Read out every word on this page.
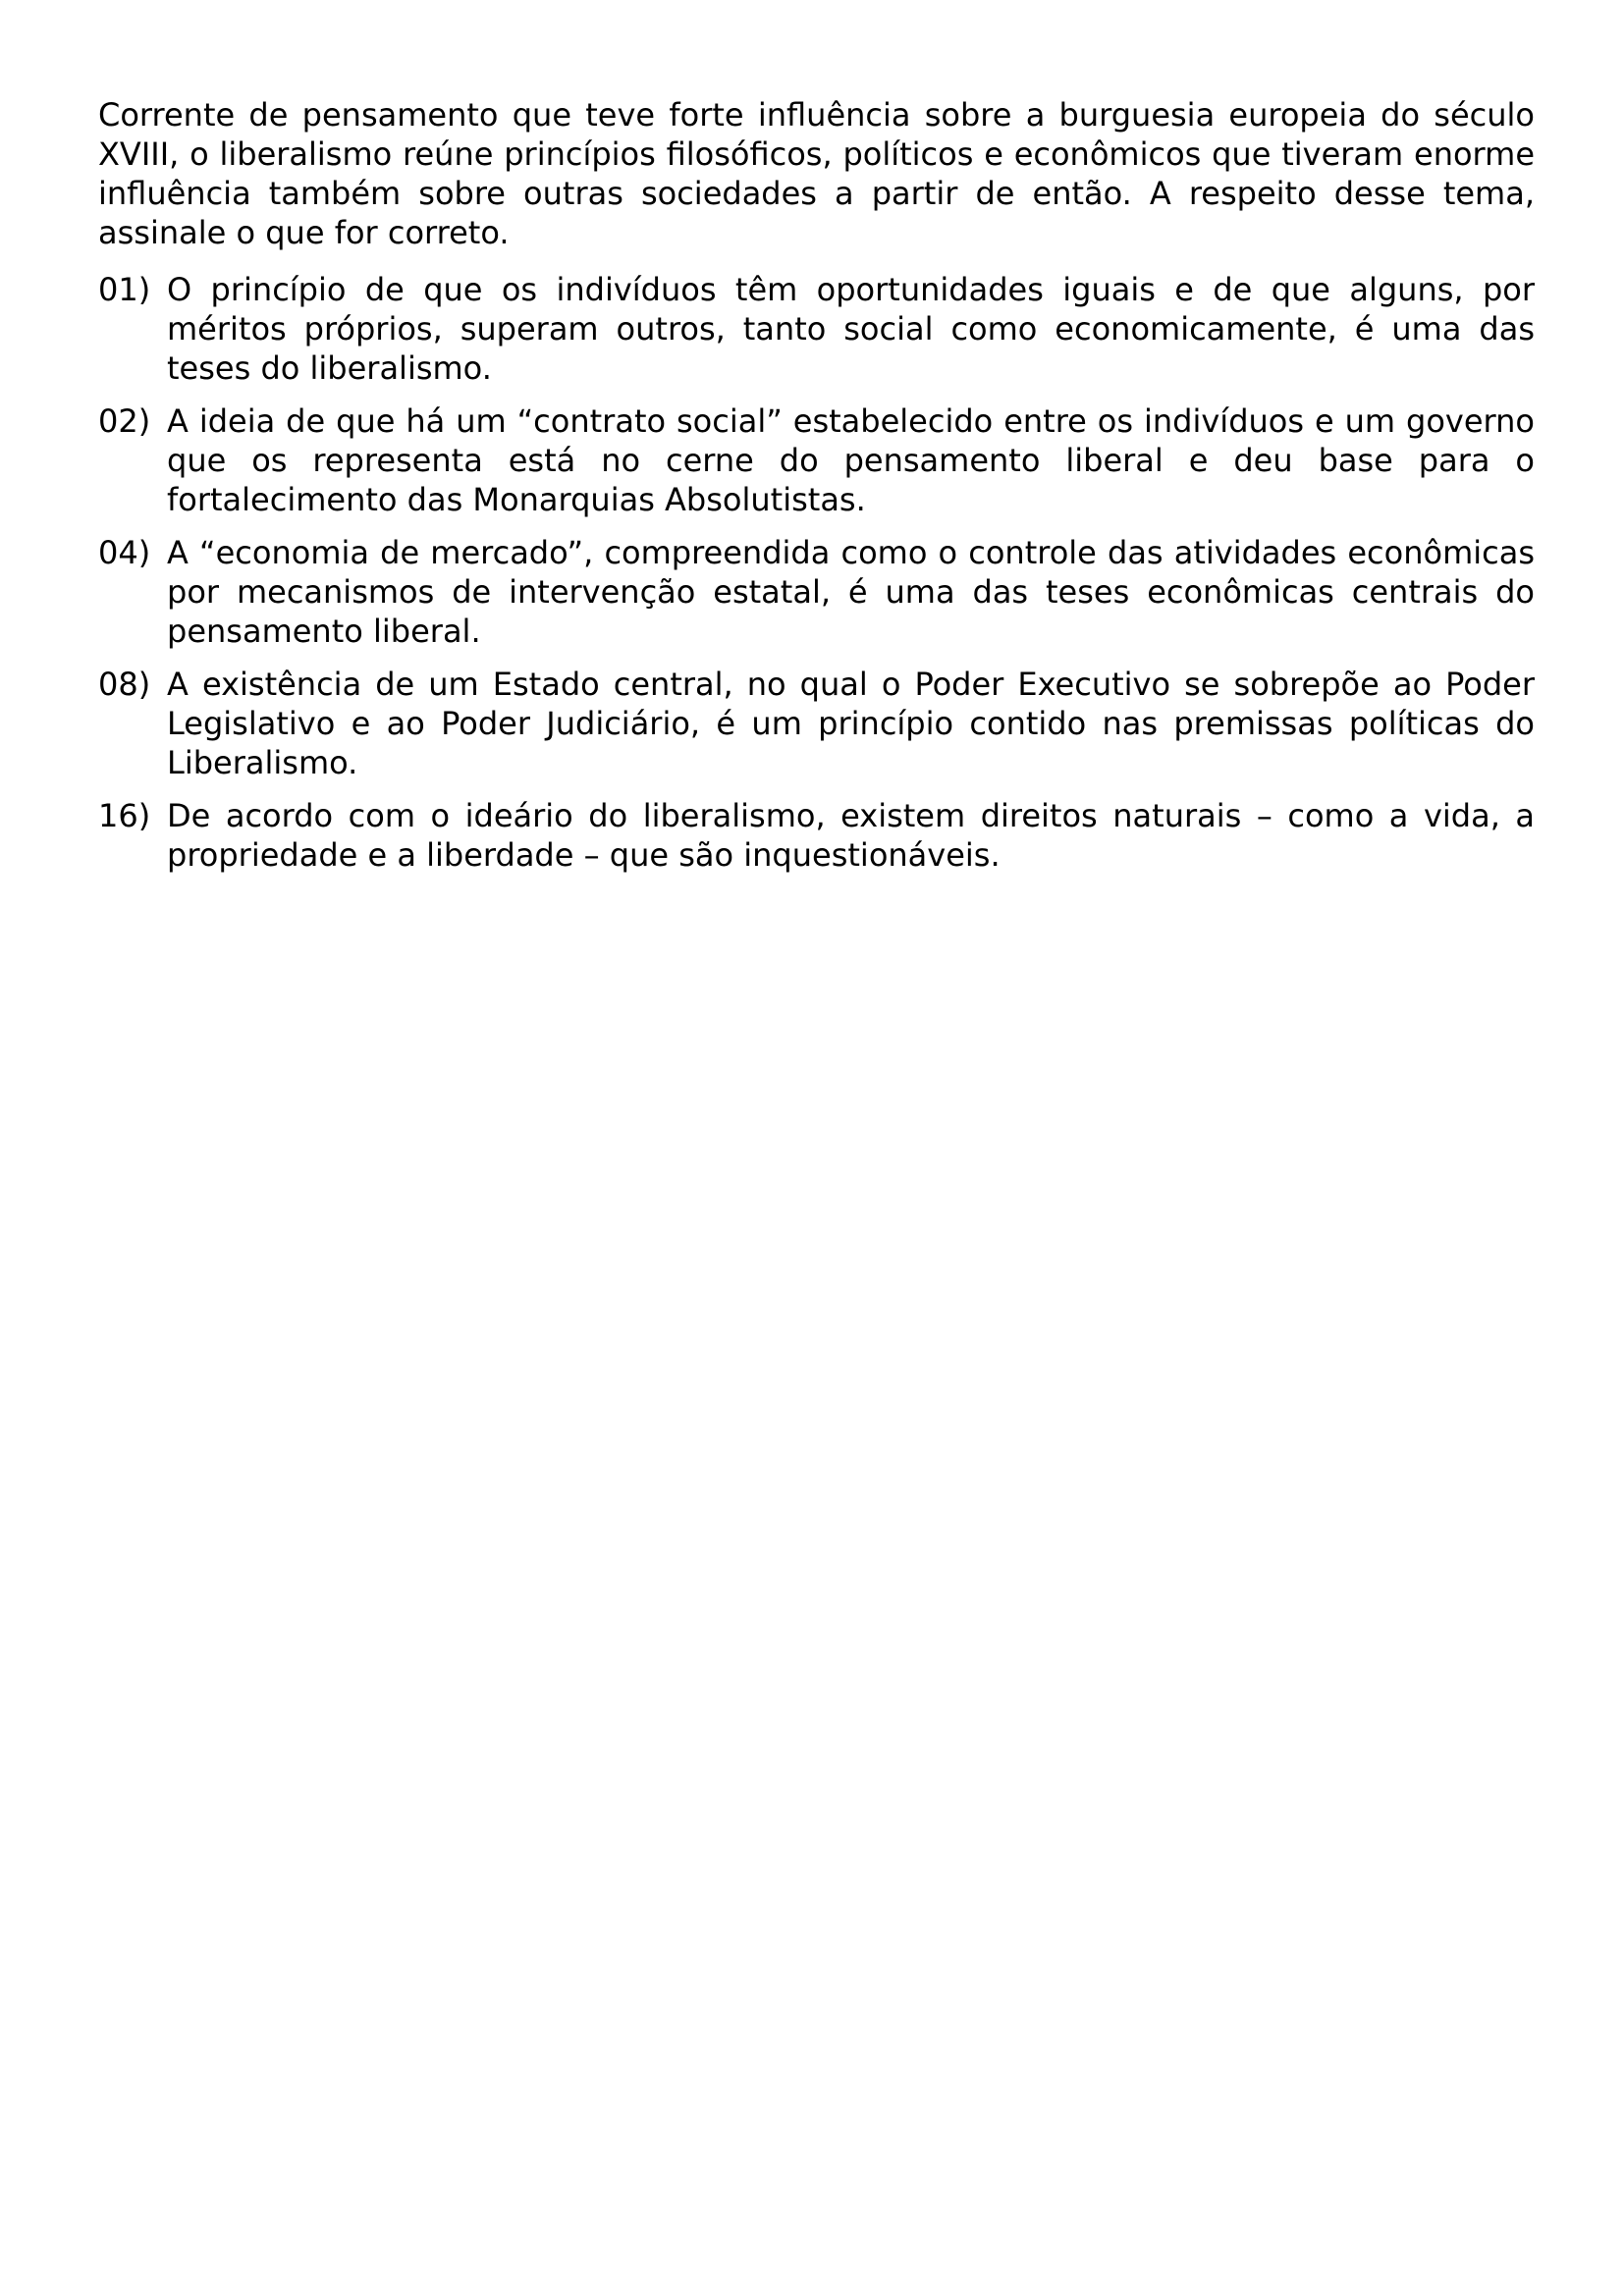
Corrente de pensamento que teve forte influência sobre a burguesia europeia do século XVIII, o liberalismo reúne princípios filosóficos, políticos e econômicos que tiveram enorme influência também sobre outras sociedades a partir de então. A respeito desse tema, assinale o que for correto.

01) O princípio de que os indivíduos têm oportunidades iguais e de que alguns, por méritos próprios, superam outros, tanto social como economicamente, é uma das teses do liberalismo.
02) A ideia de que há um “contrato social” estabelecido entre os indivíduos e um governo que os representa está no cerne do pensamento liberal e deu base para o fortalecimento das Monarquias Absolutistas.
04) A “economia de mercado”, compreendida como o controle das atividades econômicas por mecanismos de intervenção estatal, é uma das teses econômicas centrais do pensamento liberal.
08) A existência de um Estado central, no qual o Poder Executivo se sobrepõe ao Poder Legislativo e ao Poder Judiciário, é um princípio contido nas premissas políticas do Liberalismo.
16) De acordo com o ideário do liberalismo, existem direitos naturais – como a vida, a propriedade e a liberdade – que são inquestionáveis.
